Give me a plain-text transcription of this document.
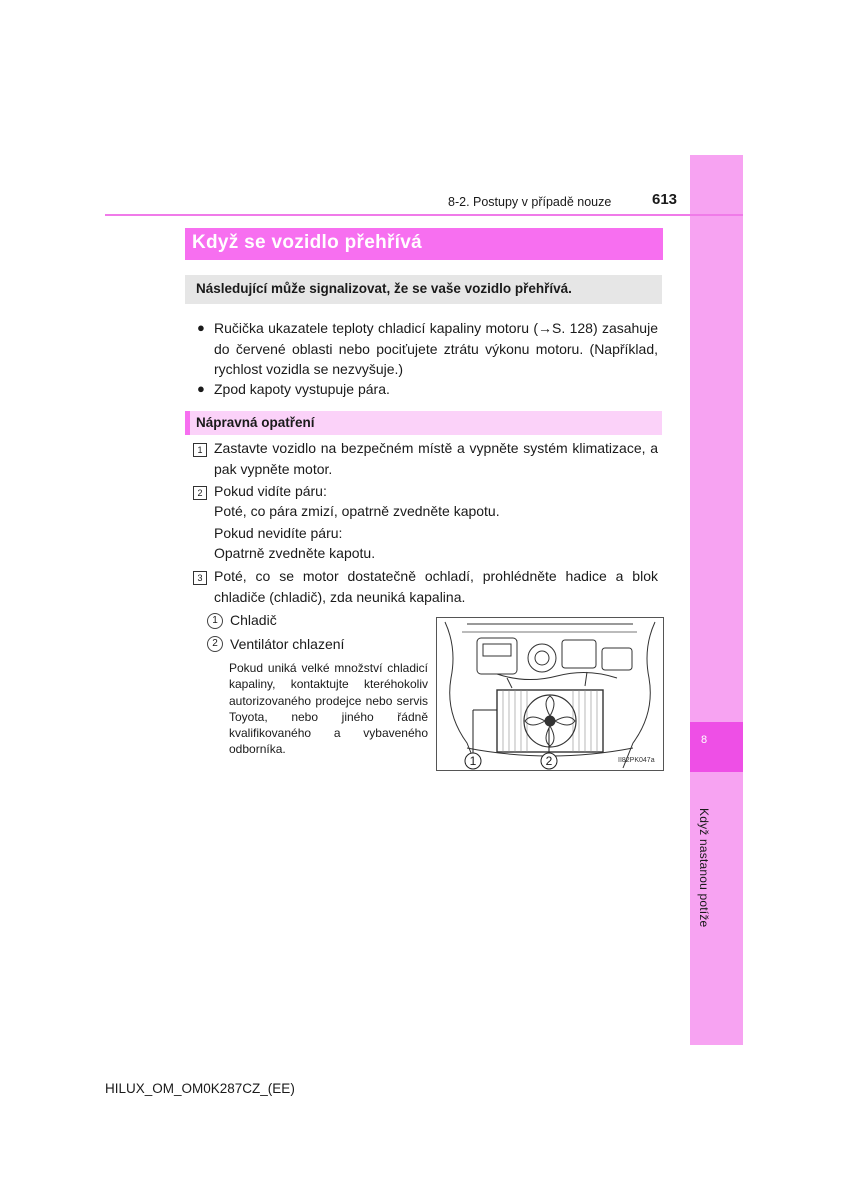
8
Když nastanou potíže
8-2. Postupy v případě nouze	613
Když se vozidlo přehřívá
Následující může signalizovat, že se vaše vozidlo přehřívá.
● Ručička ukazatele teploty chladicí kapaliny motoru (→S. 128) zasahuje do červené oblasti nebo pociťujete ztrátu výkonu motoru. (Například, rychlost vozidla se nezvyšuje.)
● Zpod kapoty vystupuje pára.
Nápravná opatření
1 Zastavte vozidlo na bezpečném místě a vypněte systém klimatizace, a pak vypněte motor.
2 Pokud vidíte páru:
Poté, co pára zmizí, opatrně zvedněte kapotu.
Pokud nevidíte páru:
Opatrně zvedněte kapotu.
3 Poté, co se motor dostatečně ochladí, prohlédněte hadice a blok chladiče (chladič), zda neuniká kapalina.
1 Chladič
2 Ventilátor chlazení
Pokud uniká velké množství chladicí kapaliny, kontaktujte kteréhokoliv autorizovaného prodejce nebo servis Toyota, nebo jiného řádně kvalifikovaného a vybaveného odborníka.
1	2	II82PK047a
HILUX_OM_OM0K287CZ_(EE)
